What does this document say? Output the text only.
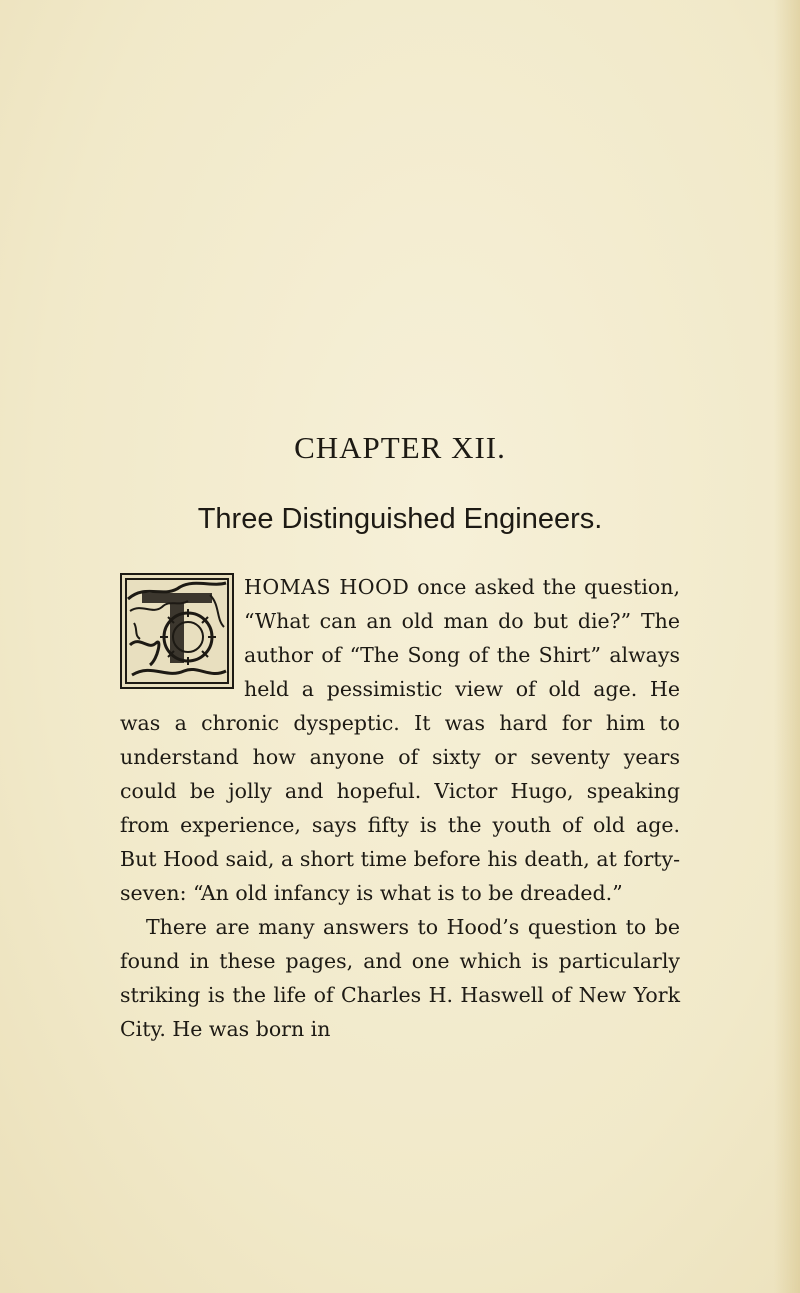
CHAPTER XII.
Three Distinguished Engineers.

HOMAS HOOD once asked the question, “What can an old man do but die?” The author of “The Song of the Shirt” always held a pessimistic view of old age. He was a chronic dyspeptic. It was hard for him to understand how anyone of sixty or seventy years could be jolly and hopeful. Victor Hugo, speaking from experience, says fifty is the youth of old age. But Hood said, a short time before his death, at forty-seven: “An old infancy is what is to be dreaded.”

There are many answers to Hood’s question to be found in these pages, and one which is particularly striking is the life of Charles H. Haswell of New York City. He was born in
